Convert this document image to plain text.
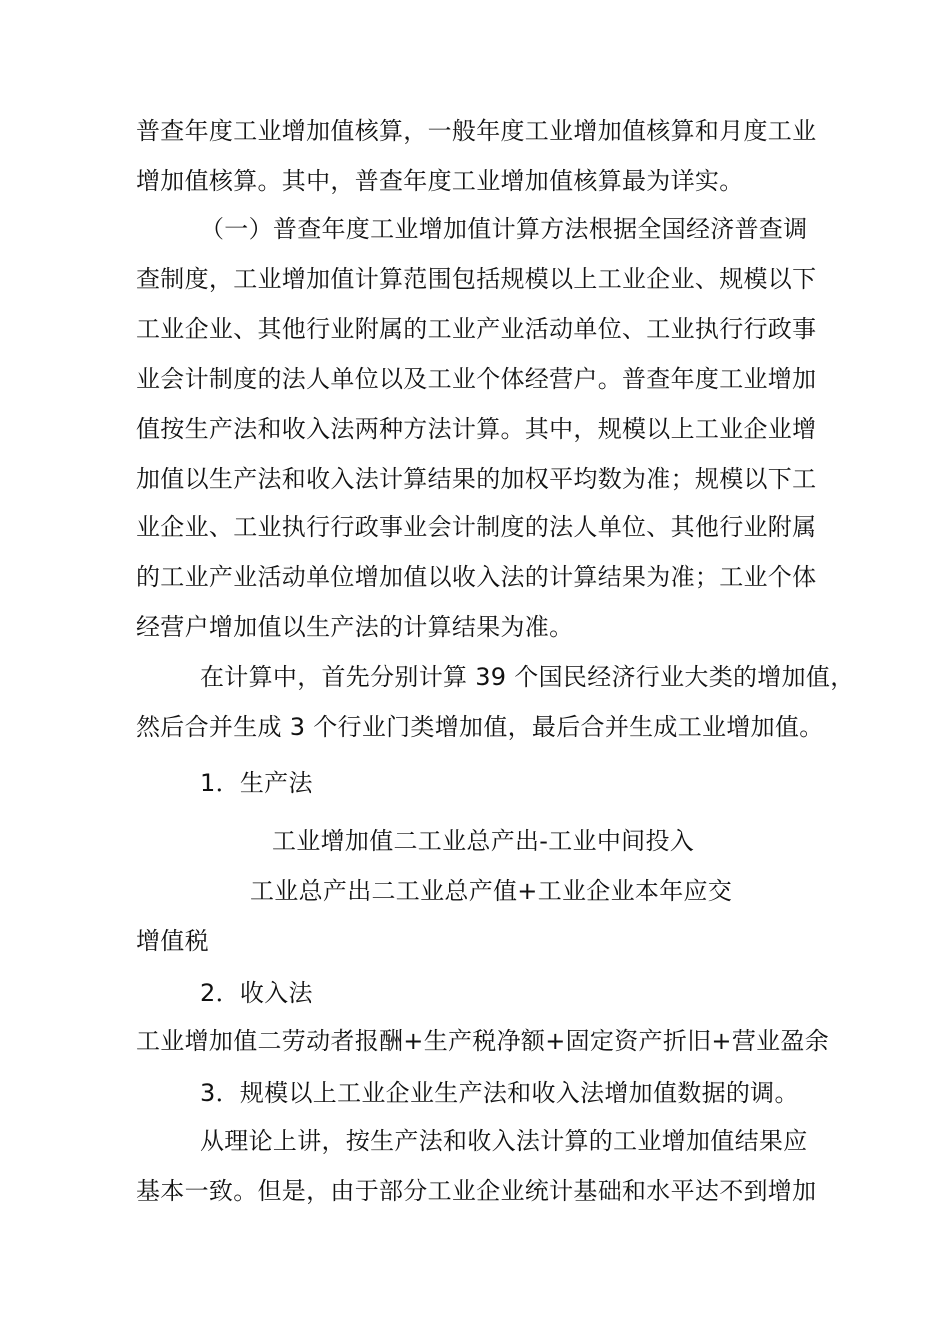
普查年度工业增加值核算，一般年度工业增加值核算和月度工业
增加值核算。其中，普查年度工业增加值核算最为详实。
（一）普查年度工业增加值计算方法根据全国经济普查调
查制度，工业增加值计算范围包括规模以上工业企业、规模以下
工业企业、其他行业附属的工业产业活动单位、工业执行行政事
业会计制度的法人单位以及工业个体经营户。普查年度工业增加
值按生产法和收入法两种方法计算。其中，规模以上工业企业增
加值以生产法和收入法计算结果的加权平均数为准；规模以下工
业企业、工业执行行政事业会计制度的法人单位、其他行业附属
的工业产业活动单位增加值以收入法的计算结果为准；工业个体
经营户增加值以生产法的计算结果为准。
在计算中，首先分别计算 39 个国民经济行业大类的增加值，
然后合并生成 3 个行业门类增加值，最后合并生成工业增加值。
1．生产法
工业增加值二工业总产出-工业中间投入
工业总产出二工业总产值+工业企业本年应交
增值税
2．收入法
工业增加值二劳动者报酬+生产税净额+固定资产折旧+营业盈余
3．规模以上工业企业生产法和收入法增加值数据的调。
从理论上讲，按生产法和收入法计算的工业增加值结果应
基本一致。但是，由于部分工业企业统计基础和水平达不到增加
